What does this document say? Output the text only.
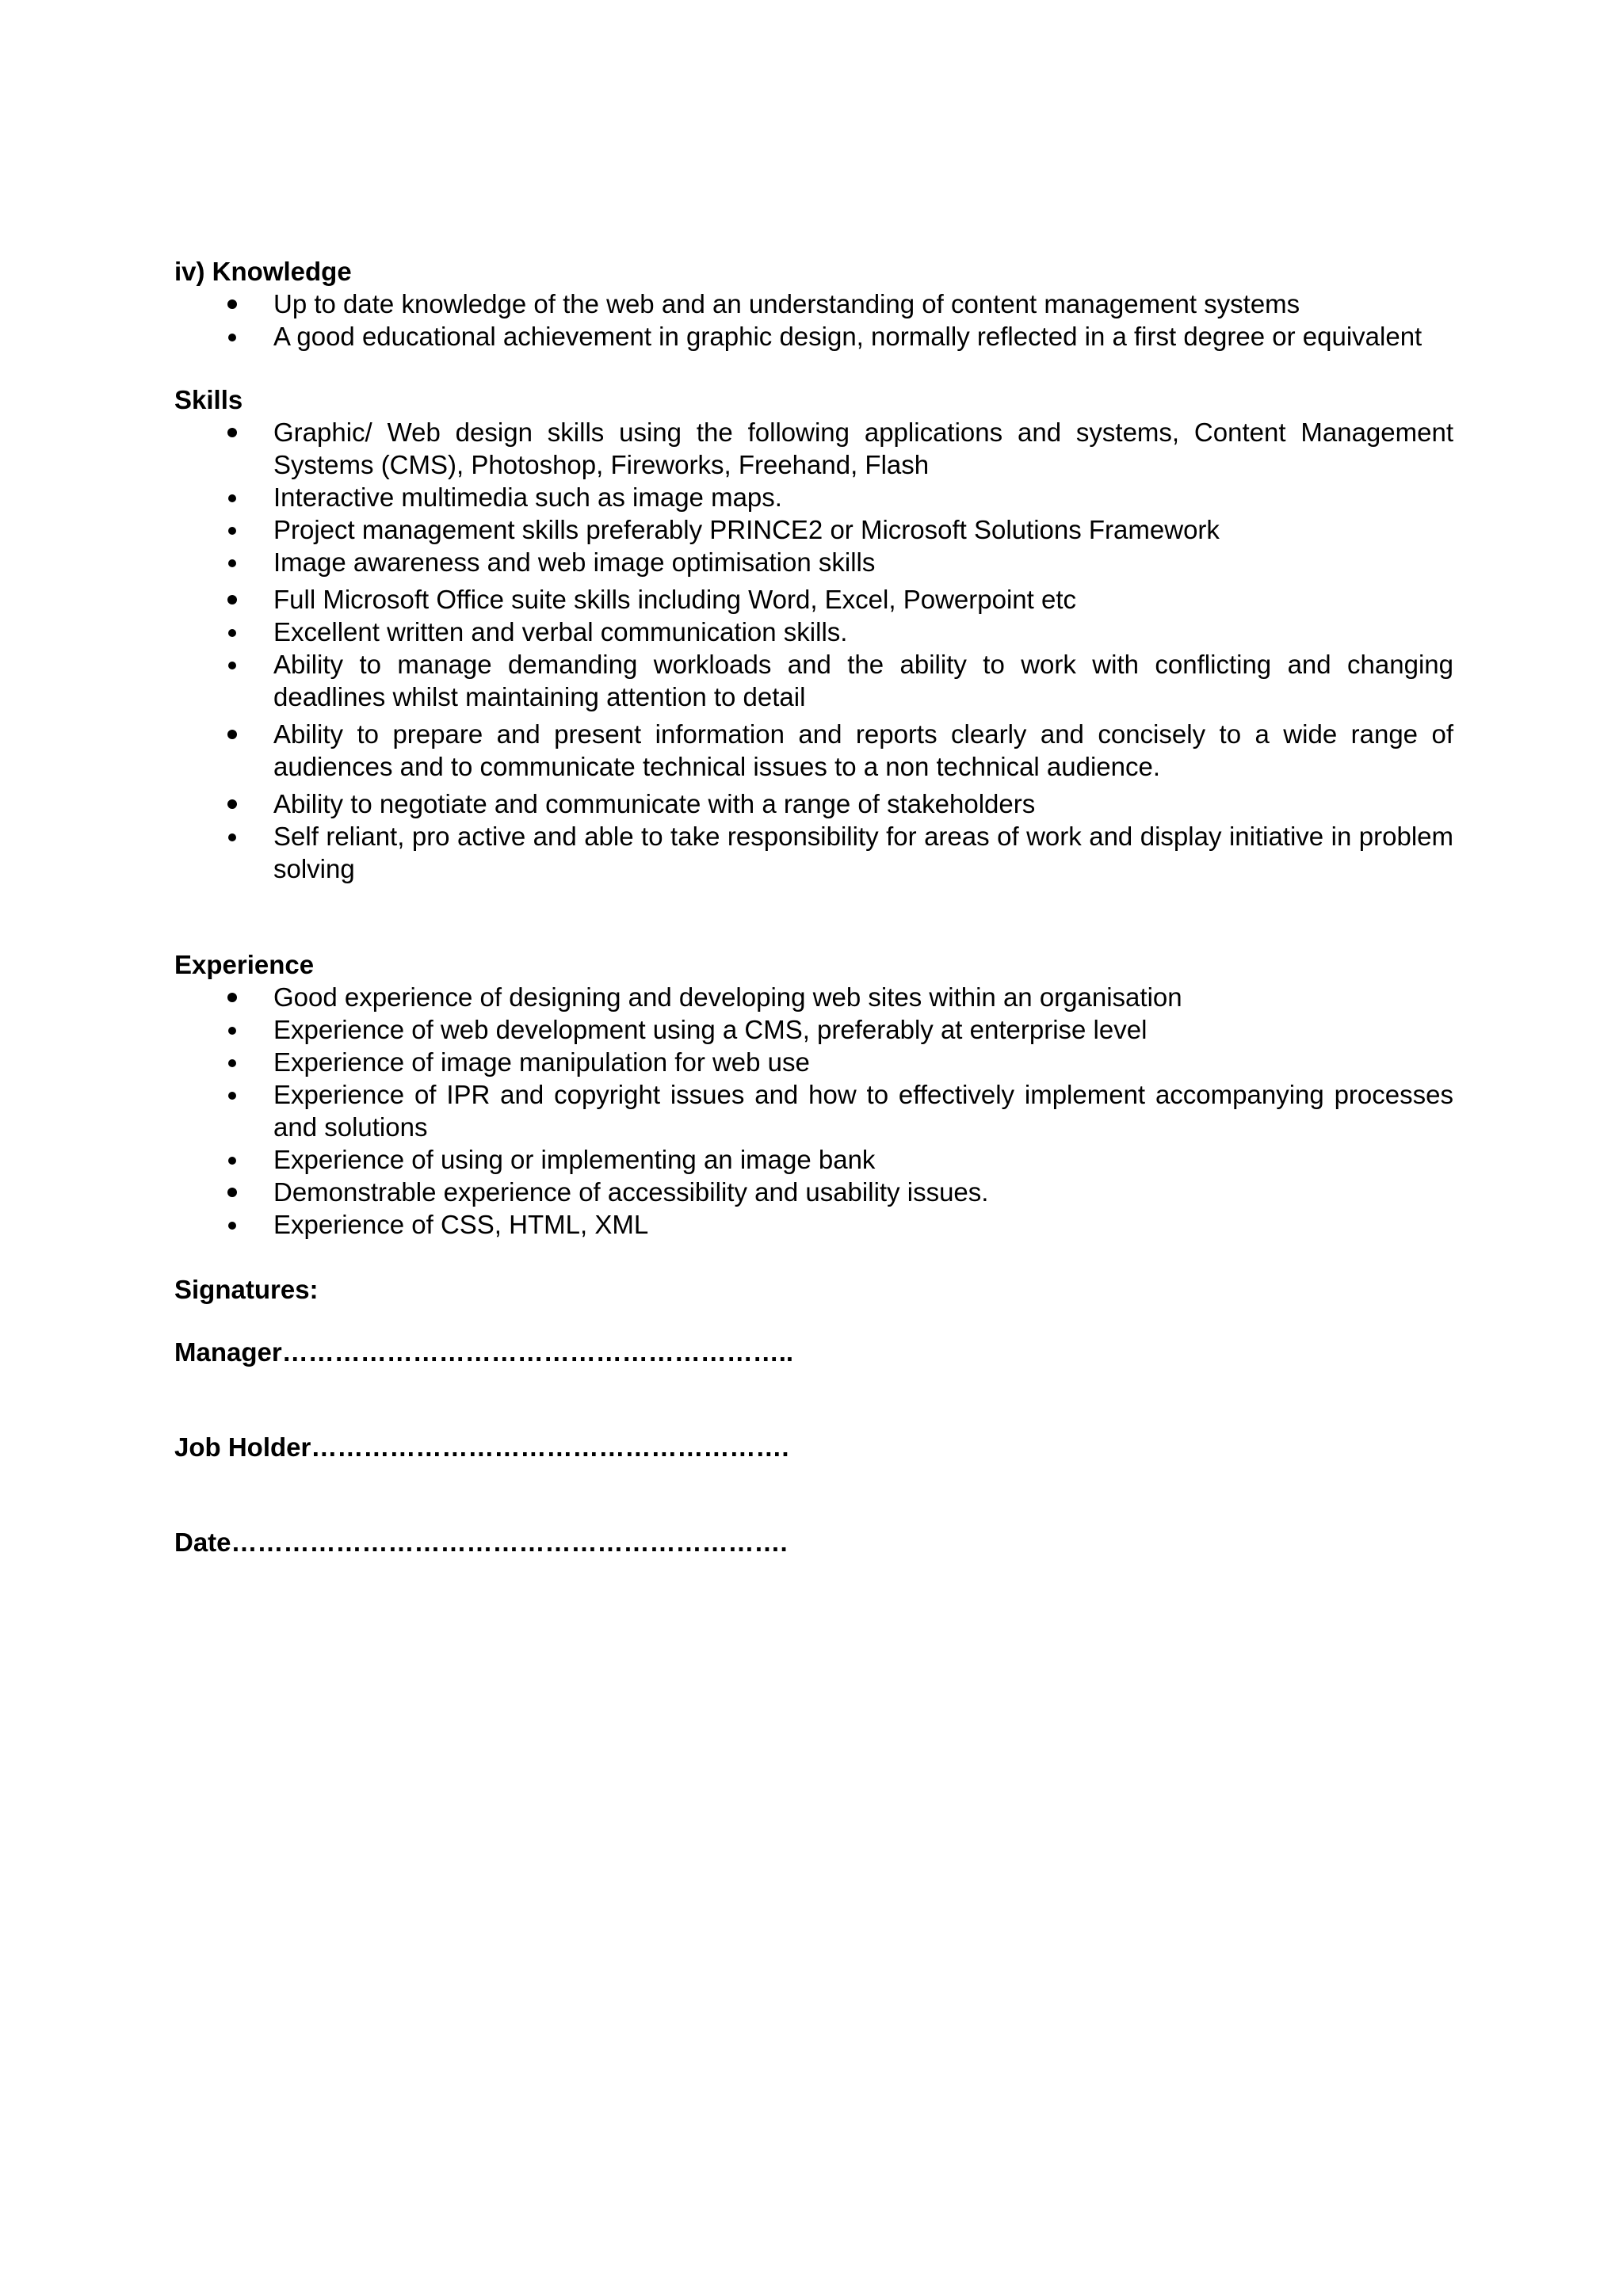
iv) Knowledge

Up to date knowledge of the web and an understanding of content management systems
A good educational achievement in graphic design, normally reflected in a first degree or equivalent

Skills

Graphic/ Web design skills using the following applications and systems, Content Management Systems (CMS), Photoshop, Fireworks, Freehand, Flash
Interactive multimedia such as image maps.
Project management skills preferably PRINCE2 or Microsoft Solutions Framework
Image awareness and web image optimisation skills
Full Microsoft Office suite skills including Word, Excel, Powerpoint etc
Excellent written and verbal communication skills.
Ability to manage demanding workloads and the ability to work with conflicting and changing deadlines whilst maintaining attention to detail
Ability to prepare and present information and reports clearly and concisely to a wide range of audiences and to communicate technical issues to a non technical audience.
Ability to negotiate and communicate with a range of stakeholders
Self reliant, pro active and able to take responsibility for areas of work and display initiative in problem solving

Experience

Good experience of designing and developing web sites within an organisation
Experience of web development using a CMS, preferably at enterprise level
Experience of image manipulation for web use
Experience of IPR and copyright issues and how to effectively implement accompanying processes and solutions
Experience of using or implementing an image bank
Demonstrable experience of accessibility and usability issues.
Experience of CSS, HTML, XML

Signatures:

Manager…………………………………………………..

Job Holder……………………………………………….

Date……………………………………………………….
